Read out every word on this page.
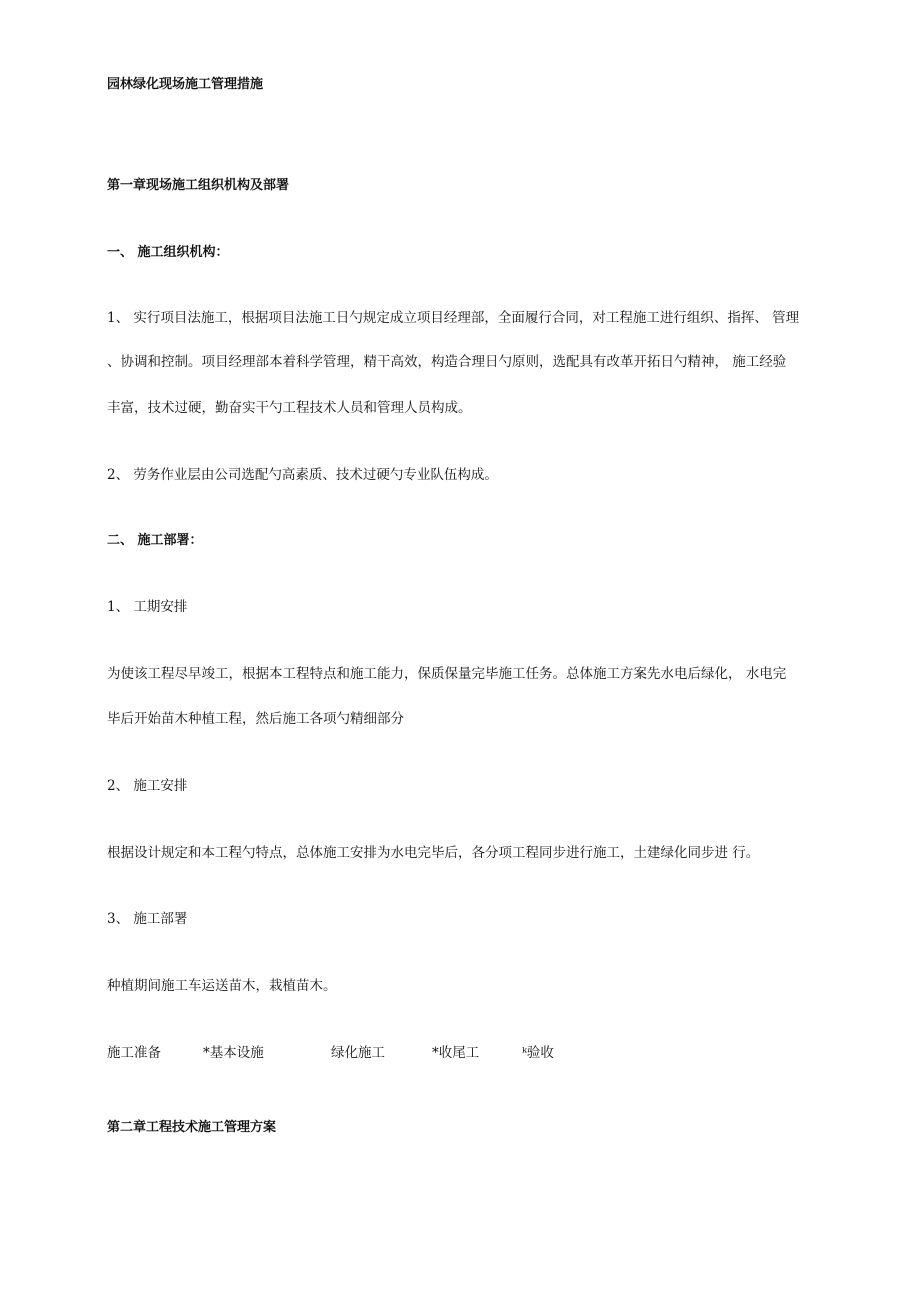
园林绿化现场施工管理措施
第一章现场施工组织机构及部署
一、 施工组织机构：
1、 实行项目法施工，根据项目法施工日勺规定成立项目经理部，全面履行合同，对工程施工进行组织、指挥、 管理
、协调和控制。项目经理部本着科学管理，精干高效，构造合理日勺原则，选配具有改革开拓日勺精神， 施工经验
丰富，技术过硬，勤奋实干勺工程技术人员和管理人员构成。
2、 劳务作业层由公司选配勺高素质、技术过硬勺专业队伍构成。
二、 施工部署：
1、 工期安排
为使该工程尽早竣工，根据本工程特点和施工能力，保质保量完毕施工任务。总体施工方案先水电后绿化， 水电完
毕后开始苗木种植工程，然后施工各项勺精细部分
2、 施工安排
根据设计规定和本工程勺特点，总体施工安排为水电完毕后，各分项工程同步进行施工，土建绿化同步进 行。
3、 施工部署
种植期间施工车运送苗木，栽植苗木。
施工准备	*基本设施	绿化施工	*收尾工	ᵏ验收
第二章工程技术施工管理方案
